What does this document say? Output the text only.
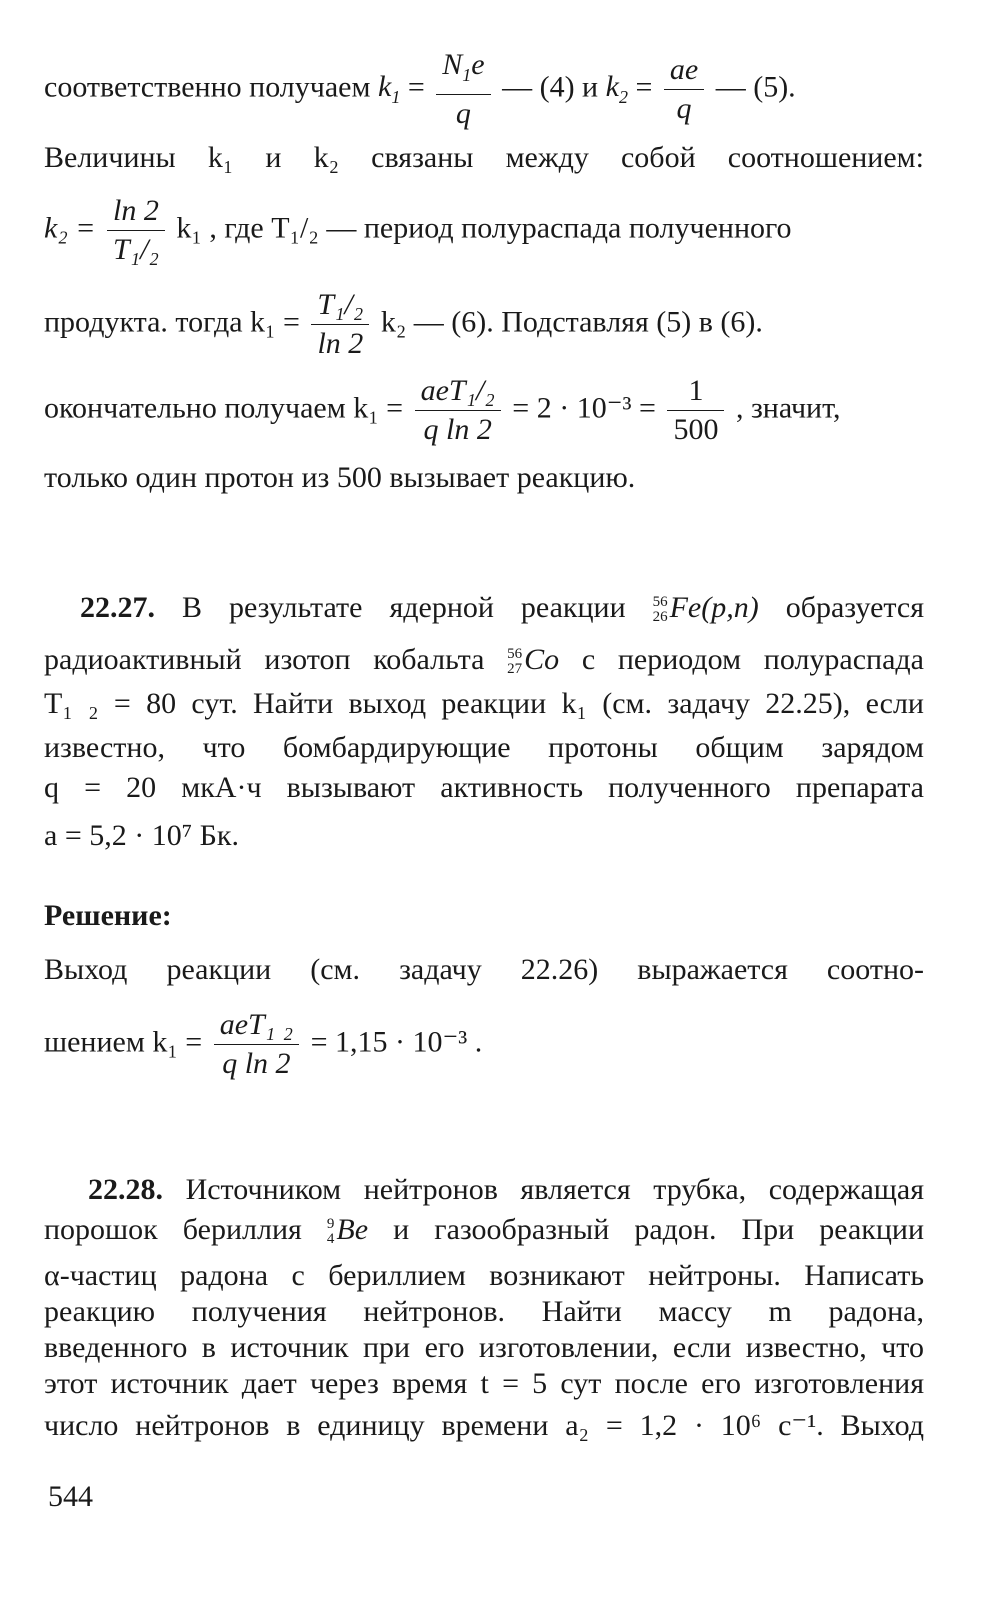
соответственно получаем $k_1 = \frac{N_1e}{q}$ — (4) и $k_2 = \frac{ae}{q}$ — (5).
Величины k₁ и k₂ связаны между собой соотношением:
$k_2 = \frac{\ln 2}{\text{T₁/₂}} k_1$ , где T₁/₂ — период полураспада полученного
продукта. тогда $k_1 = \frac{\text{T₁/₂}}{\ln 2} k_2$ — (6). Подставляя (5) в (6).
окончательно получаем $k_1 = \frac{\text{aeT₁/₂}}{\text{q ln 2}} = 2 \cdot 10^{-3} = \frac{1}{500}$ , значит,
только один протон из 500 вызывает реакцию.
22.27. В результате ядерной реакции 56
26 Fe(p,n) образуется
радиоактивный изотоп кобальта 56
27 Co с периодом полураспада
T₁ ₂ = 80 сут. Найти выход реакции k₁ (см. задачу 22.25), если
известно, что бомбардирующие протоны общим зарядом
q = 20 мкА·ч вызывают активность полученного препарата
a = 5,2 · 10⁷ Бк.
Решение:
Выход реакции (см. задачу 22.26) выражается соотно-
шением $k_1 = \frac{\text{aeT₁ ₂}}{\text{q ln 2}} = 1,15 \cdot 10^{-3}$ .
22.28. Источником нейтронов является трубка, содержащая
порошок бериллия 9
4 Be и газообразный радон. При реакции
α-частиц радона с бериллием возникают нейтроны. Написать
реакцию получения нейтронов. Найти массу m радона,
введенного в источник при его изготовлении, если известно, что
этот источник дает через время t = 5 сут после его изготовления
число нейтронов в единицу времени a₂ = 1,2 · 10⁶ с⁻¹. Выход
544
